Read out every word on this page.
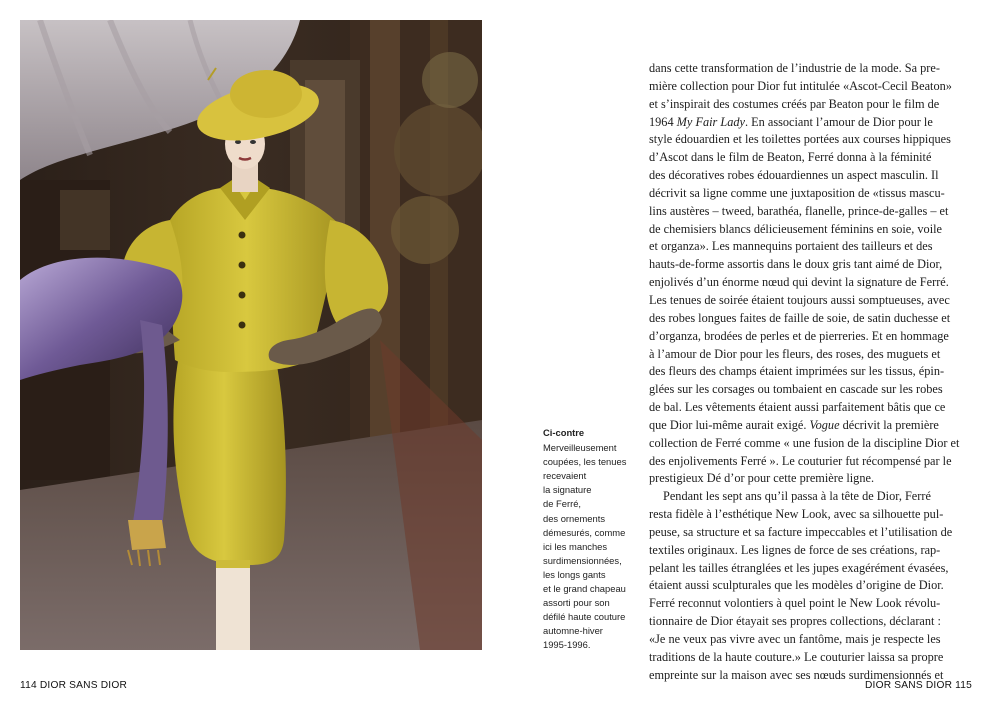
Ci-contre
Merveilleusement
coupées, les tenues
recevaient
la signature
de Ferré,
des ornements
démesurés, comme
ici les manches
surdimensionnées,
les longs gants
et le grand chapeau
assorti pour son
défilé haute couture
automne-hiver
1995-1996.
dans cette transformation de l’industrie de la mode. Sa pre-
mière collection pour Dior fut intitulée «Ascot-Cecil Beaton»
et s’inspirait des costumes créés par Beaton pour le film de
1964 My Fair Lady. En associant l’amour de Dior pour le
style édouardien et les toilettes portées aux courses hippiques
d’Ascot dans le film de Beaton, Ferré donna à la féminité
des décoratives robes édouardiennes un aspect masculin. Il
décrivit sa ligne comme une juxtaposition de «tissus mascu-
lins austères – tweed, barathéa, flanelle, prince-de-galles – et
de chemisiers blancs délicieusement féminins en soie, voile
et organza». Les mannequins portaient des tailleurs et des
hauts-de-forme assortis dans le doux gris tant aimé de Dior,
enjolivés d’un énorme nœud qui devint la signature de Ferré.
Les tenues de soirée étaient toujours aussi somptueuses, avec
des robes longues faites de faille de soie, de satin duchesse et
d’organza, brodées de perles et de pierreries. Et en hommage
à l’amour de Dior pour les fleurs, des roses, des muguets et
des fleurs des champs étaient imprimées sur les tissus, épin-
glées sur les corsages ou tombaient en cascade sur les robes
de bal. Les vêtements étaient aussi parfaitement bâtis que ce
que Dior lui-même aurait exigé. Vogue décrivit la première
collection de Ferré comme « une fusion de la discipline Dior et
des enjolivements Ferré ». Le couturier fut récompensé par le
prestigieux Dé d’or pour cette première ligne.
Pendant les sept ans qu’il passa à la tête de Dior, Ferré
resta fidèle à l’esthétique New Look, avec sa silhouette pul-
peuse, sa structure et sa facture impeccables et l’utilisation de
textiles originaux. Les lignes de force de ses créations, rap-
pelant les tailles étranglées et les jupes exagérément évasées,
étaient aussi sculpturales que les modèles d’origine de Dior.
Ferré reconnut volontiers à quel point le New Look révolu-
tionnaire de Dior étayait ses propres collections, déclarant :
«Je ne veux pas vivre avec un fantôme, mais je respecte les
traditions de la haute couture.» Le couturier laissa sa propre
empreinte sur la maison avec ses nœuds surdimensionnés et
114 DIOR SANS DIOR	DIOR SANS DIOR 115
